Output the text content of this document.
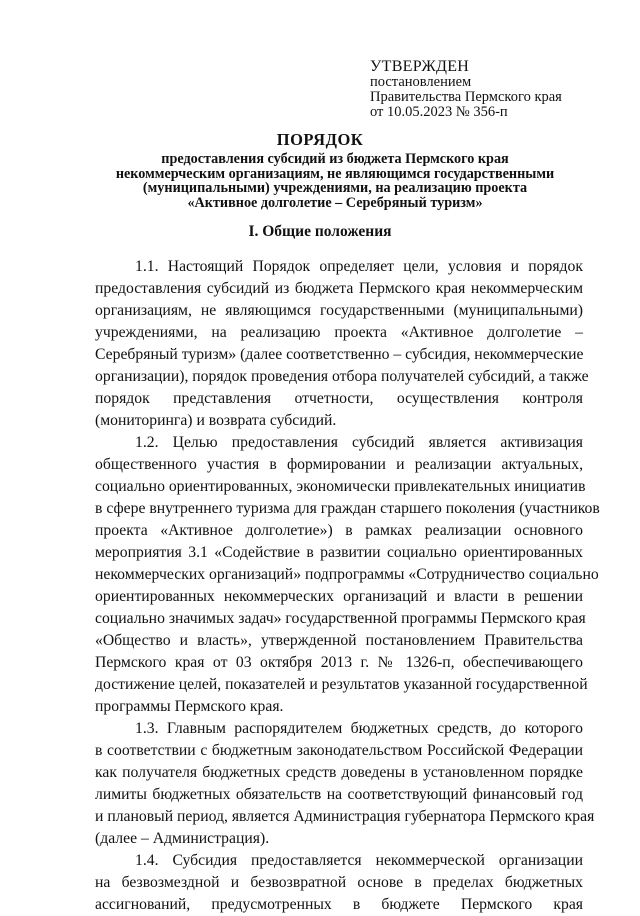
УТВЕРЖДЕН
постановлением
Правительства Пермского края
от 10.05.2023 № 356-п
ПОРЯДОК
предоставления субсидий из бюджета Пермского края
некоммерческим организациям, не являющимся государственными
(муниципальными) учреждениями, на реализацию проекта
«Активное долголетие – Серебряный туризм»
I. Общие положения
1.1. Настоящий Порядок определяет цели, условия и порядок
предоставления субсидий из бюджета Пермского края некоммерческим
организациям, не являющимся государственными (муниципальными)
учреждениями, на реализацию проекта «Активное долголетие –
Серебряный туризм» (далее соответственно – субсидия, некоммерческие
организации), порядок проведения отбора получателей субсидий, а также
порядок представления отчетности, осуществления контроля
(мониторинга) и возврата субсидий.
1.2. Целью предоставления субсидий является активизация
общественного участия в формировании и реализации актуальных,
социально ориентированных, экономически привлекательных инициатив
в сфере внутреннего туризма для граждан старшего поколения (участников
проекта «Активное долголетие») в рамках реализации основного
мероприятия 3.1 «Содействие в развитии социально ориентированных
некоммерческих организаций» подпрограммы «Сотрудничество социально
ориентированных некоммерческих организаций и власти в решении
социально значимых задач» государственной программы Пермского края
«Общество и власть», утвержденной постановлением Правительства
Пермского края от 03 октября 2013 г. № 1326-п, обеспечивающего
достижение целей, показателей и результатов указанной государственной
программы Пермского края.
1.3. Главным распорядителем бюджетных средств, до которого
в соответствии с бюджетным законодательством Российской Федерации
как получателя бюджетных средств доведены в установленном порядке
лимиты бюджетных обязательств на соответствующий финансовый год
и плановый период, является Администрация губернатора Пермского края
(далее – Администрация).
1.4. Субсидия предоставляется некоммерческой организации
на безвозмездной и безвозвратной основе в пределах бюджетных
ассигнований, предусмотренных в бюджете Пермского края
